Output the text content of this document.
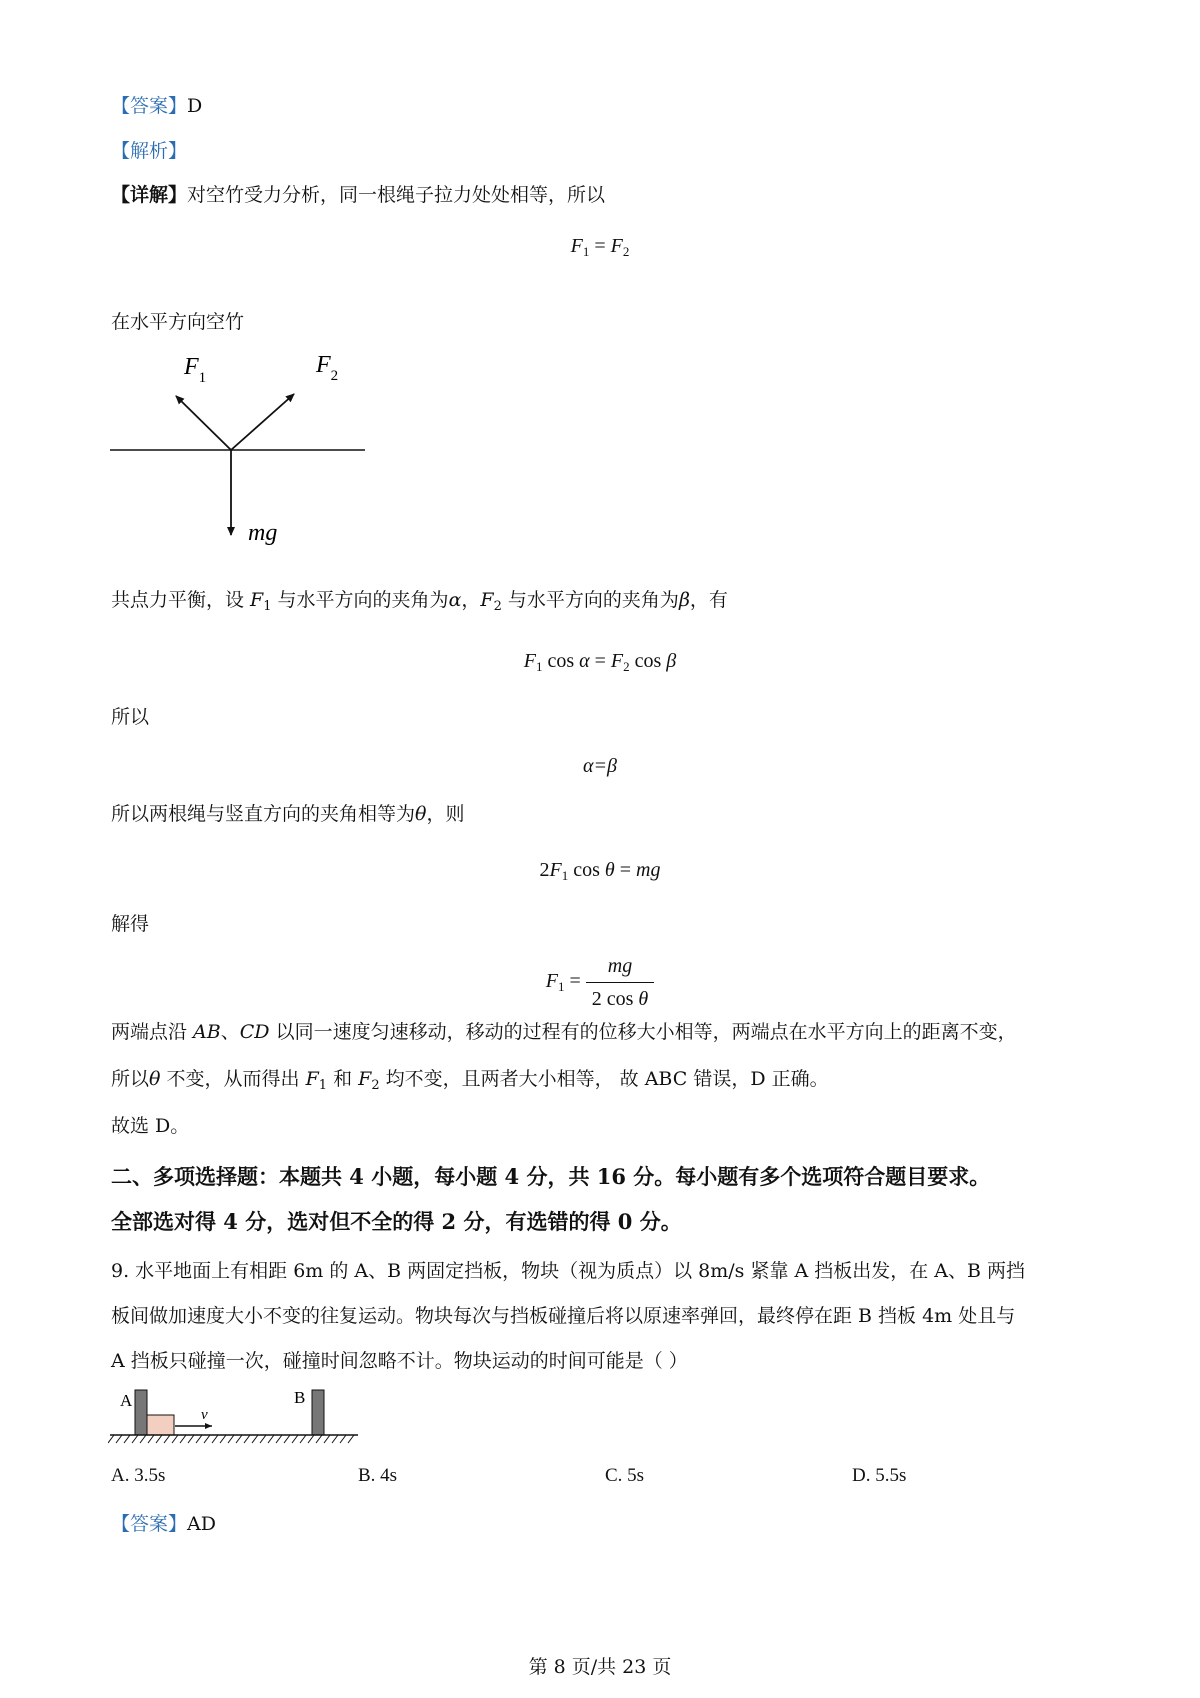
【答案】D
【解析】
【详解】对空竹受力分析，同一根绳子拉力处处相等，所以
$F_1 = F_2$
在水平方向空竹
$F_1$	$F_2$
mg
共点力平衡，设 $F_1$ 与水平方向的夹角为α，$F_2$ 与水平方向的夹角为β，有
$F_1$ $\cos \alpha = F_2$ cos β
所以
α=β
所以两根绳与竖直方向的夹角相等为θ，则
$2F_1$ cos θ = mg
解得
$F_1 = \frac{mg}{\text{2 cos θ}}$
两端点沿 AB、CD 以同一速度匀速移动，移动的过程有的位移大小相等，两端点在水平方向上的距离不变，
所以θ 不变，从而得出 $F_1$ 和 $F_2$ 均不变，且两者大小相等， 故 ABC 错误，D 正确。
故选 D。
二、多项选择题：本题共 4 小题，每小题 4 分，共 16 分。每小题有多个选项符合题目要求。
全部选对得 4 分，选对但不全的得 2 分，有选错的得 0 分。
9. 水平地面上有相距 6m 的 A、B 两固定挡板，物块（视为质点）以 8m/s 紧靠 A 挡板出发，在 A、B 两挡
板间做加速度大小不变的往复运动。物块每次与挡板碰撞后将以原速率弹回，最终停在距 B 挡板 4m 处且与
A 挡板只碰撞一次，碰撞时间忽略不计。物块运动的时间可能是（ ）
A	B
v
A. 3.5s	B. 4s	C. 5s	D. 5.5s
【答案】AD
第 8 页/共 23 页
